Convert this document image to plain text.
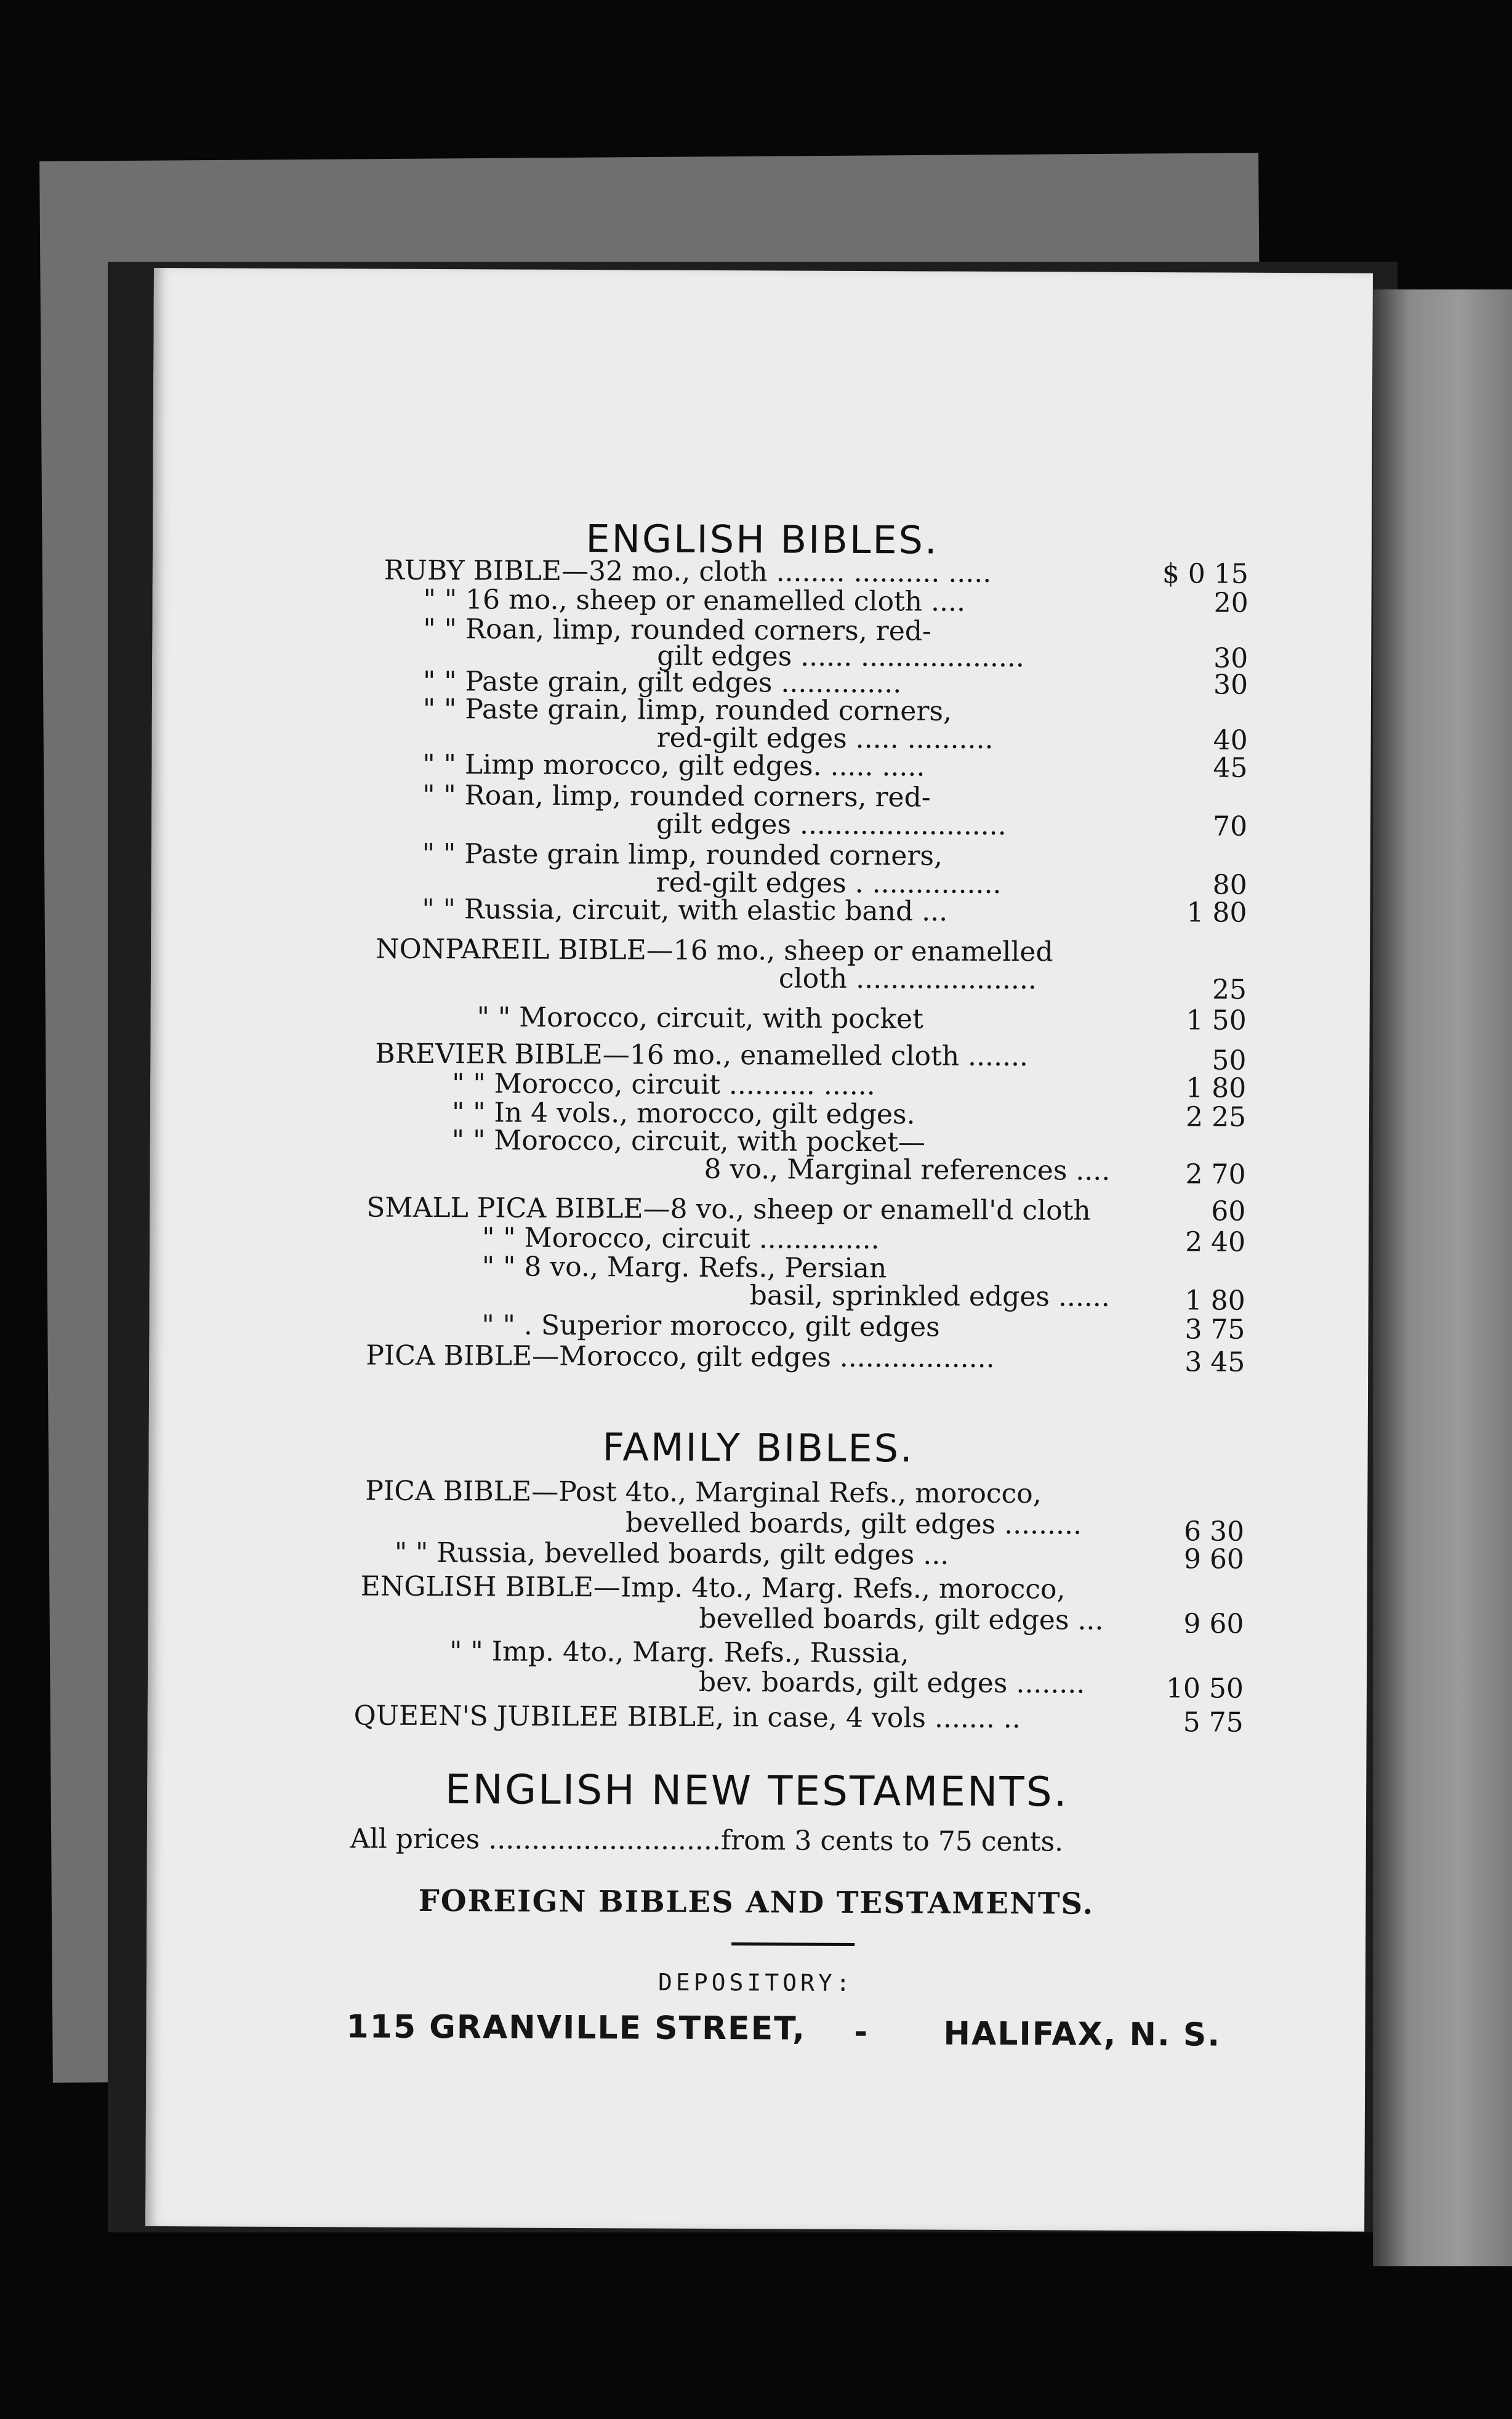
ENGLISH BIBLES.
RUBY BIBLE—32 mo., cloth ........ .......... .....	$ 0 15
" " 16 mo., sheep or enamelled cloth ....	20
" " Roan, limp, rounded corners, red-
gilt edges ...... ...................	30
" " Paste grain, gilt edges ..............	30
" " Paste grain, limp, rounded corners,
red-gilt edges ..... ..........	40
" " Limp morocco, gilt edges. ..... .....	45
" " Roan, limp, rounded corners, red-
gilt edges ........................	70
" " Paste grain limp, rounded corners,
red-gilt edges . ...............	80
" " Russia, circuit, with elastic band ...	1 80
NONPAREIL BIBLE—16 mo., sheep or enamelled
cloth .....................	25
" " Morocco, circuit, with pocket	1 50
BREVIER BIBLE—16 mo., enamelled cloth .......	50
" " Morocco, circuit .......... ......	1 80
" " In 4 vols., morocco, gilt edges.	2 25
" " Morocco, circuit, with pocket—
8 vo., Marginal references ....	2 70
SMALL PICA BIBLE—8 vo., sheep or enamell'd cloth	60
" " Morocco, circuit ..............	2 40
" " 8 vo., Marg. Refs., Persian
basil, sprinkled edges ......	1 80
" " . Superior morocco, gilt edges	3 75
PICA BIBLE—Morocco, gilt edges ..................	3 45
FAMILY BIBLES.
PICA BIBLE—Post 4to., Marginal Refs., morocco,
bevelled boards, gilt edges .........	6 30
" " Russia, bevelled boards, gilt edges ...	9 60
ENGLISH BIBLE—Imp. 4to., Marg. Refs., morocco,
bevelled boards, gilt edges ...	9 60
" " Imp. 4to., Marg. Refs., Russia,
bev. boards, gilt edges ........	10 50
QUEEN'S JUBILEE BIBLE, in case, 4 vols ....... ..	5 75
ENGLISH NEW TESTAMENTS.
All prices ...........................from 3 cents to 75 cents.
FOREIGN BIBLES AND TESTAMENTS.
DEPOSITORY:
115 GRANVILLE STREET, - HALIFAX, N. S.
